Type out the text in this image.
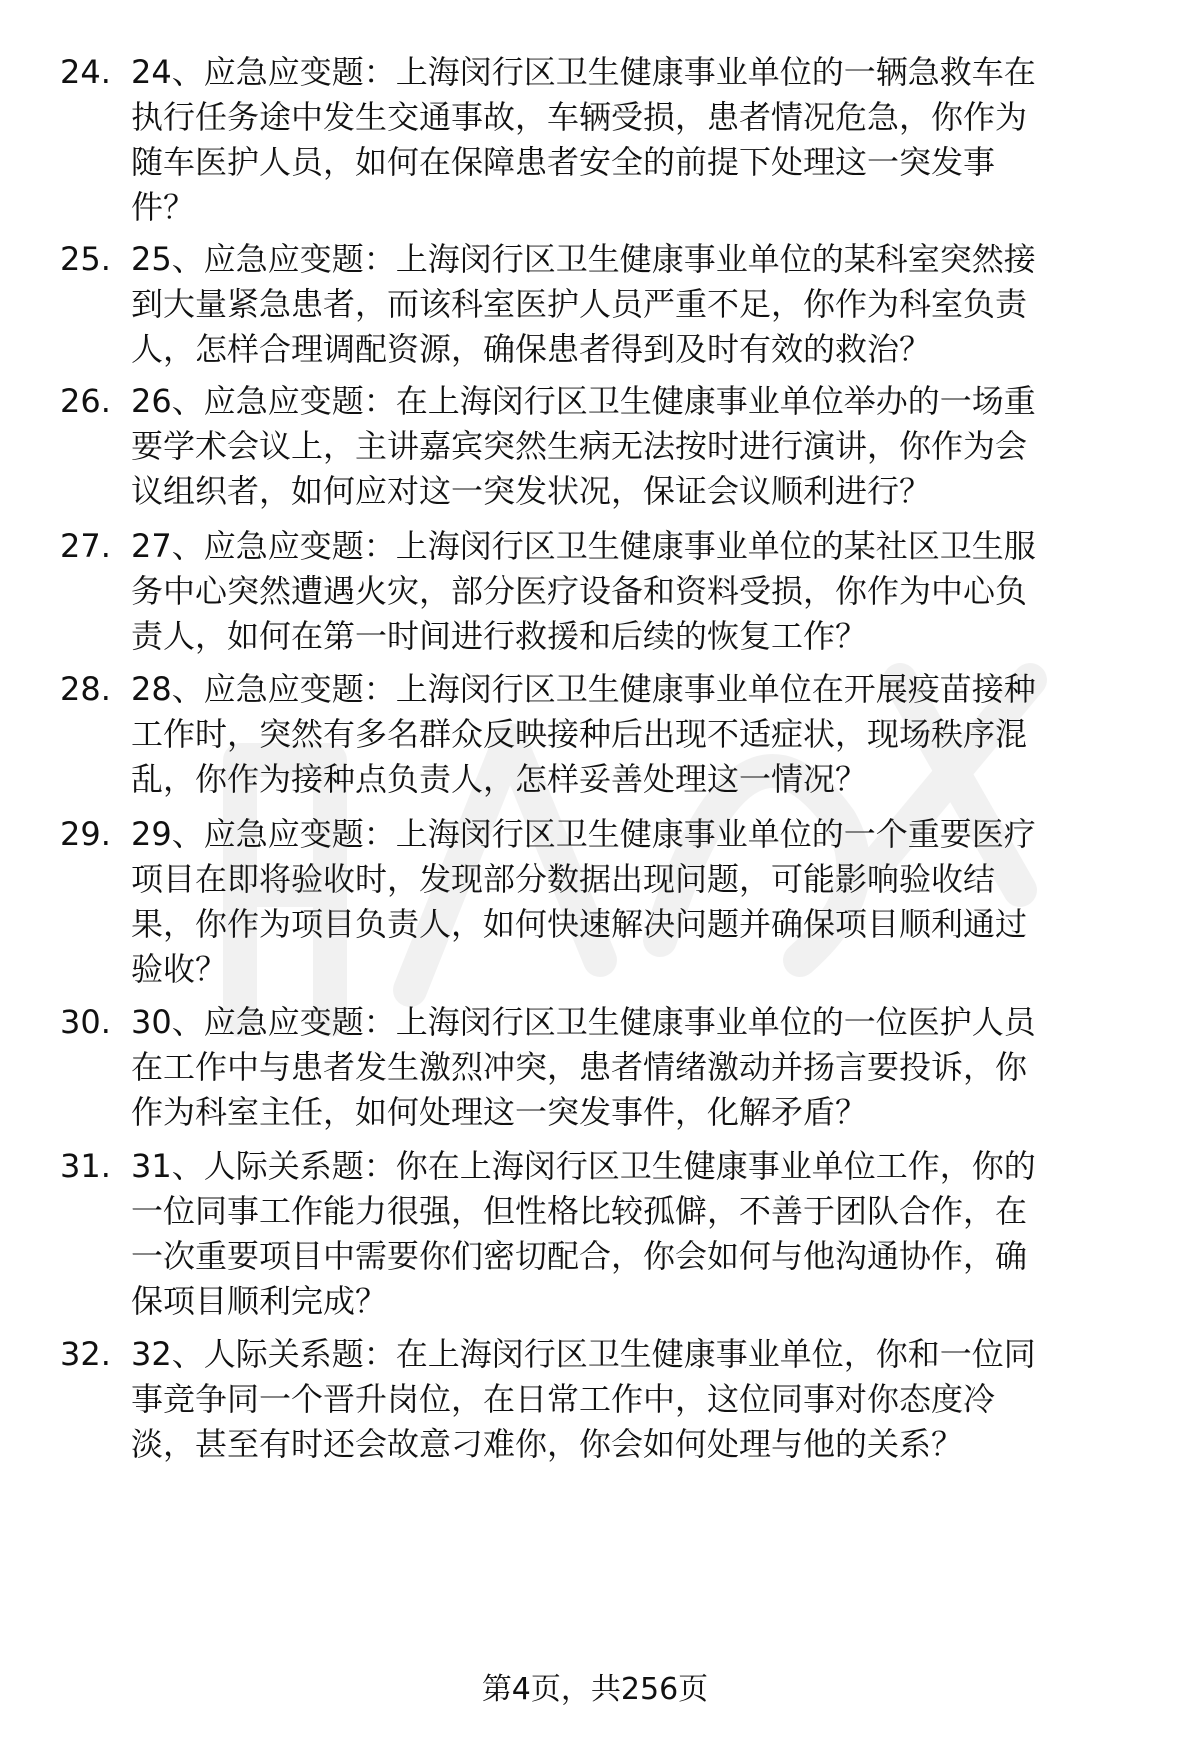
24. 24、应急应变题：上海闵行区卫生健康事业单位的一辆急救车在
执行任务途中发生交通事故，车辆受损，患者情况危急，你作为
随车医护人员，如何在保障患者安全的前提下处理这一突发事
件？
25. 25、应急应变题：上海闵行区卫生健康事业单位的某科室突然接
到大量紧急患者，而该科室医护人员严重不足，你作为科室负责
人，怎样合理调配资源，确保患者得到及时有效的救治？
26. 26、应急应变题：在上海闵行区卫生健康事业单位举办的一场重
要学术会议上，主讲嘉宾突然生病无法按时进行演讲，你作为会
议组织者，如何应对这一突发状况，保证会议顺利进行？
27. 27、应急应变题：上海闵行区卫生健康事业单位的某社区卫生服
务中心突然遭遇火灾，部分医疗设备和资料受损，你作为中心负
责人，如何在第一时间进行救援和后续的恢复工作？
28. 28、应急应变题：上海闵行区卫生健康事业单位在开展疫苗接种
工作时，突然有多名群众反映接种后出现不适症状，现场秩序混
乱，你作为接种点负责人，怎样妥善处理这一情况？
29. 29、应急应变题：上海闵行区卫生健康事业单位的一个重要医疗
项目在即将验收时，发现部分数据出现问题，可能影响验收结
果，你作为项目负责人，如何快速解决问题并确保项目顺利通过
验收？
30. 30、应急应变题：上海闵行区卫生健康事业单位的一位医护人员
在工作中与患者发生激烈冲突，患者情绪激动并扬言要投诉，你
作为科室主任，如何处理这一突发事件，化解矛盾？
31. 31、人际关系题：你在上海闵行区卫生健康事业单位工作，你的
一位同事工作能力很强，但性格比较孤僻，不善于团队合作，在
一次重要项目中需要你们密切配合，你会如何与他沟通协作，确
保项目顺利完成？
32. 32、人际关系题：在上海闵行区卫生健康事业单位，你和一位同
事竞争同一个晋升岗位，在日常工作中，这位同事对你态度冷
淡，甚至有时还会故意刁难你，你会如何处理与他的关系？
第4页，共256页
